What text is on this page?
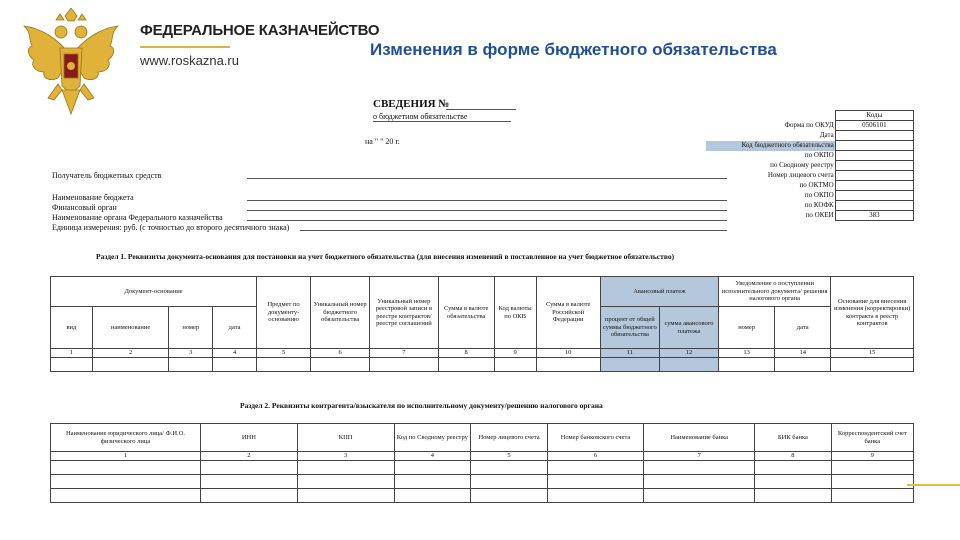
ФЕДЕРАЛЬНОЕ КАЗНАЧЕЙСТВО
www.roskazna.ru
Изменения в форме бюджетного обязательства
СВЕДЕНИЯ №
о бюджетном обязательстве
на " " 20 г.
Получатель бюджетных средств
Наименование бюджета
Финансовый орган
Наименование органа Федерального казначейства
Единица измерения: руб. (с точностью до второго десятичного знака)
	Коды
Форма по ОКУД	0506101
Дата	
Код бюджетного обязательства	
по ОКПО	
по Сводному реестру	
Номер лицевого счета	
по ОКТМО	
по ОКПО	
по КОФК	
по ОКЕИ	383
Раздел 1. Реквизиты документа-основания для постановки на учет бюджетного обязательства (для внесения изменений в поставленное на учет бюджетное обязательство)
Документ-основание				Предмет по документу-основанию	Уникальный номер бюджетного обязательства	Уникальный номер реестровой записи в реестре контрактов/ реестре соглашений	Сумма в валюте обязательства	Код валюты по ОКВ	Сумма в валюте Российской Федерации	Авансовый платеж		Уведомление о поступлении исполнительного документа/ решения налогового органа		Основание для внесения изменения (корректировки) контракта в реестр контрактов
вид	наименование	номер	дата							процент от общей суммы бюджетного обязательства	сумма авансового платежа	номер	дата	
1	2	3	4	5	6	7	8	9	10	11	12	13	14	15

Раздел 2. Реквизиты контрагента/взыскателя по исполнительному документу/решению налогового органа
Наименование юридического лица/ Ф.И.О. физического лица	ИНН	КПП	Код по Сводному реестру	Номер лицевого счета	Номер банковского счета	Наименование банка	БИК банка	Корреспондентский счет банка
1	2	3	4	5	6	7	8	9
